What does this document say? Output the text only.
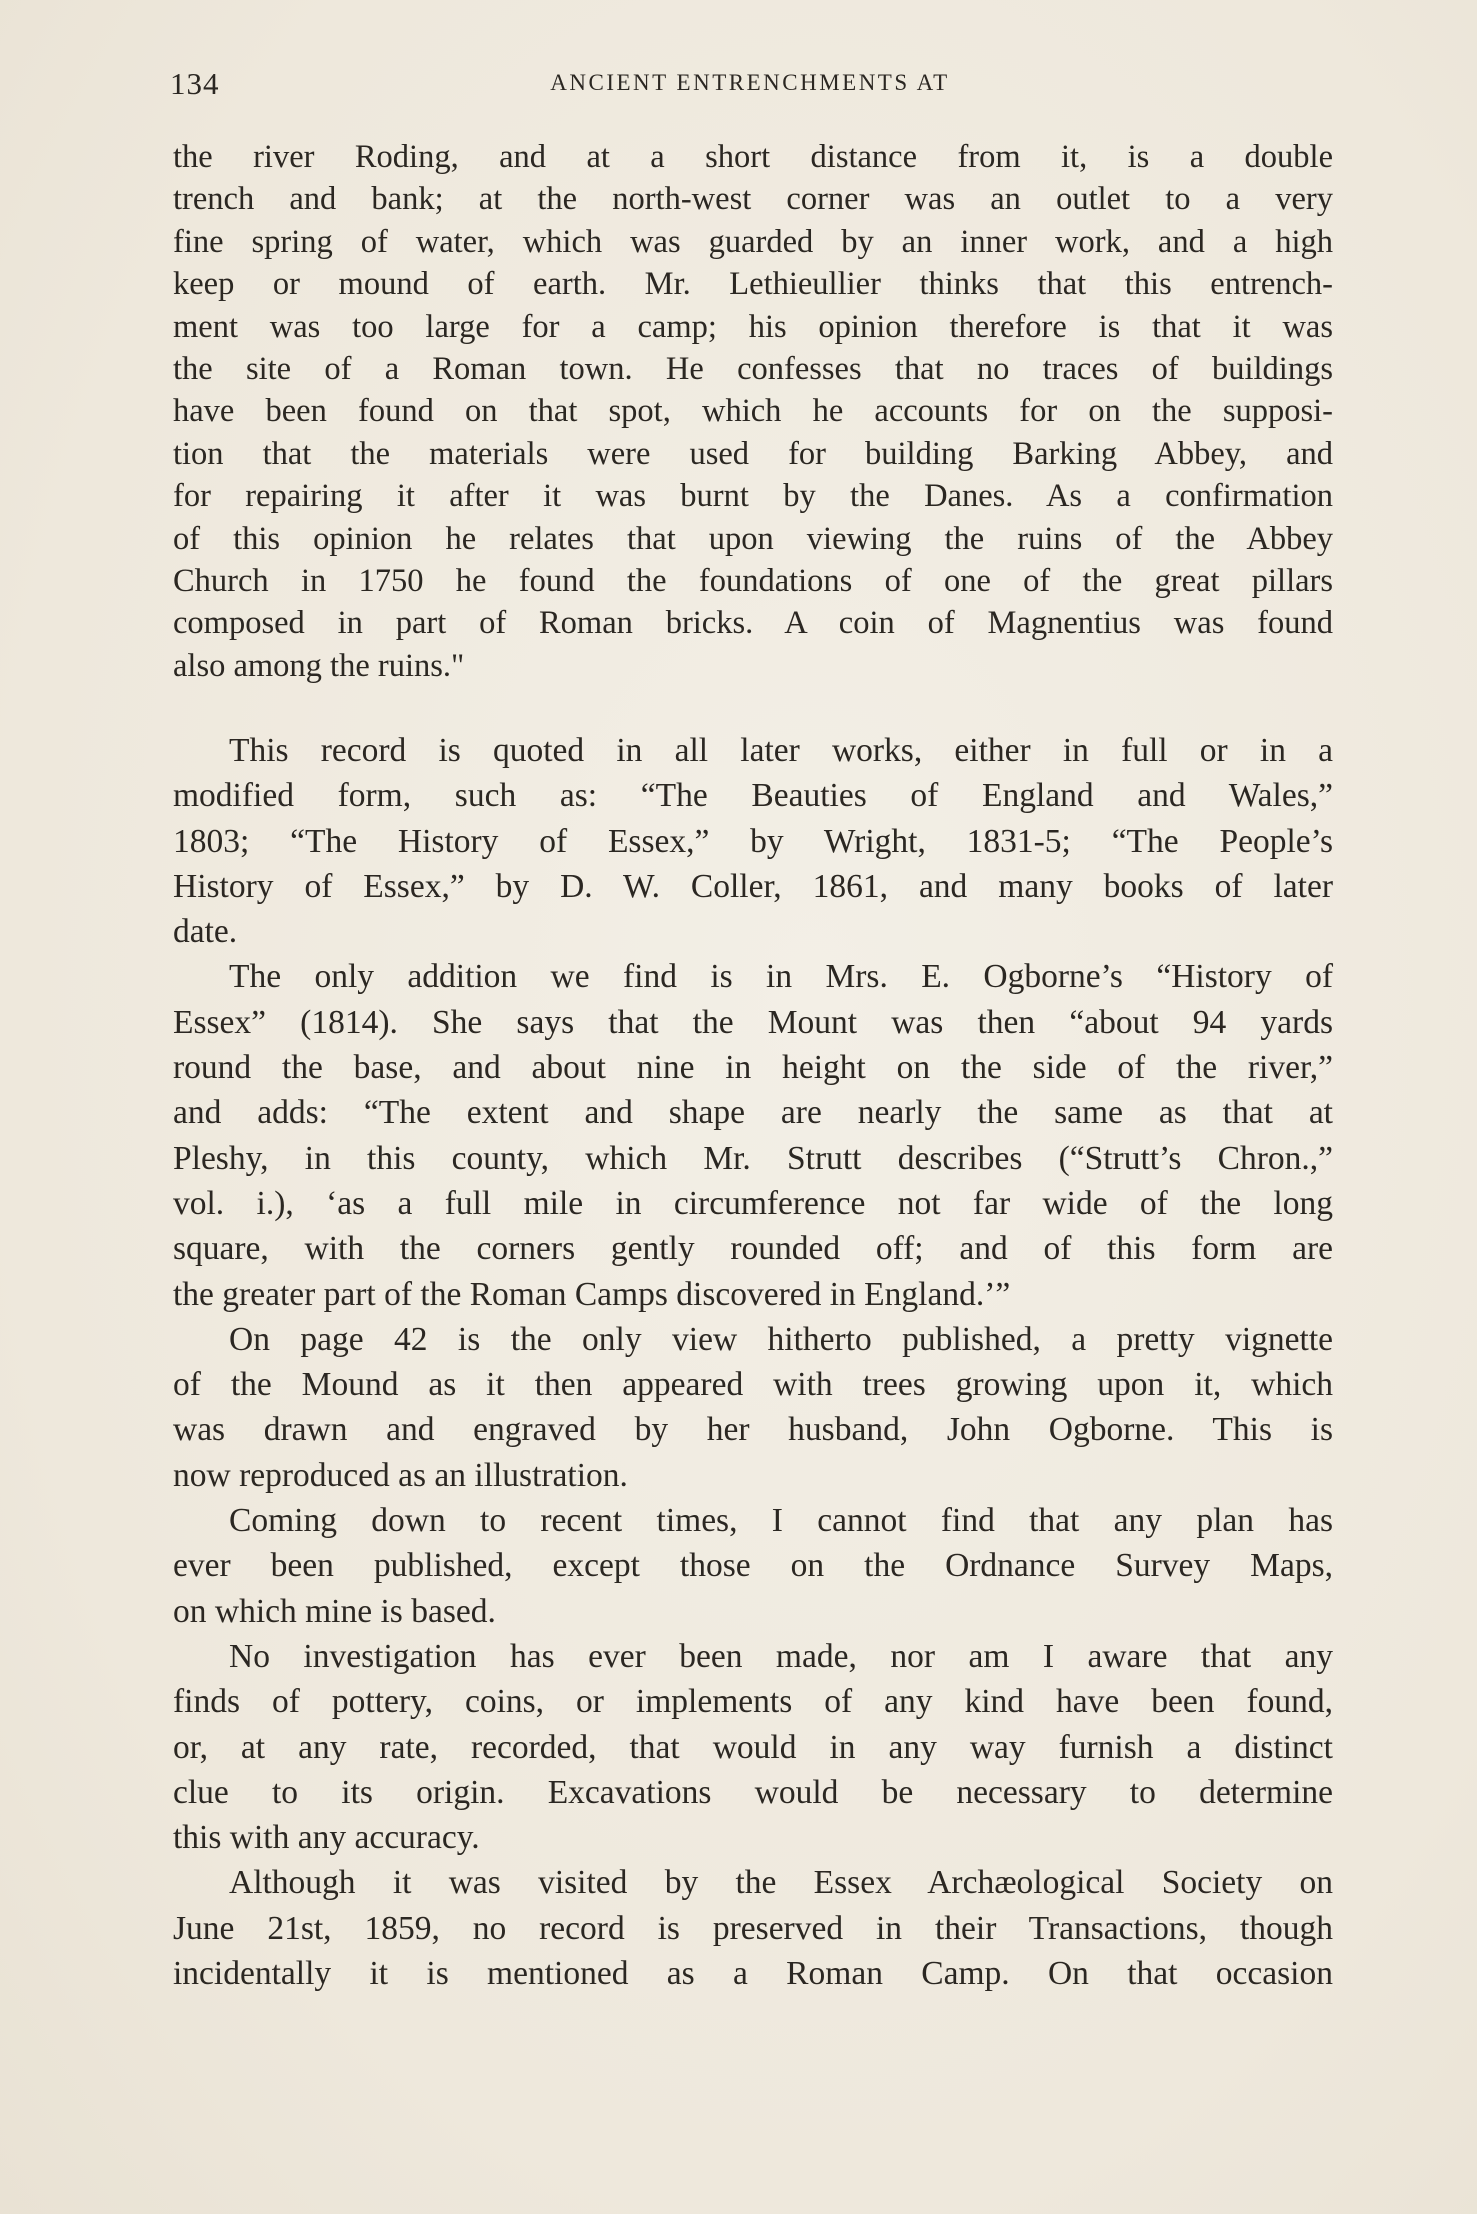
134	ANCIENT ENTRENCHMENTS AT
the river Roding, and at a short distance from it, is a double
trench and bank; at the north-west corner was an outlet to a very
fine spring of water, which was guarded by an inner work, and a high
keep or mound of earth. Mr. Lethieullier thinks that this entrench-
ment was too large for a camp; his opinion therefore is that it was
the site of a Roman town. He confesses that no traces of buildings
have been found on that spot, which he accounts for on the supposi-
tion that the materials were used for building Barking Abbey, and
for repairing it after it was burnt by the Danes. As a confirmation
of this opinion he relates that upon viewing the ruins of the Abbey
Church in 1750 he found the foundations of one of the great pillars
composed in part of Roman bricks. A coin of Magnentius was found
also among the ruins."

This record is quoted in all later works, either in full or in a
modified form, such as: “The Beauties of England and Wales,”
1803; “The History of Essex,” by Wright, 1831-5; “The People’s
History of Essex,” by D. W. Coller, 1861, and many books of later
date.

The only addition we find is in Mrs. E. Ogborne’s “History of
Essex” (1814). She says that the Mount was then “about 94 yards
round the base, and about nine in height on the side of the river,”
and adds: “The extent and shape are nearly the same as that at
Pleshy, in this county, which Mr. Strutt describes (“Strutt’s Chron.,”
vol. i.), ‘as a full mile in circumference not far wide of the long
square, with the corners gently rounded off; and of this form are
the greater part of the Roman Camps discovered in England.’”

On page 42 is the only view hitherto published, a pretty vignette
of the Mound as it then appeared with trees growing upon it, which
was drawn and engraved by her husband, John Ogborne. This is
now reproduced as an illustration.

Coming down to recent times, I cannot find that any plan has
ever been published, except those on the Ordnance Survey Maps,
on which mine is based.

No investigation has ever been made, nor am I aware that any
finds of pottery, coins, or implements of any kind have been found,
or, at any rate, recorded, that would in any way furnish a distinct
clue to its origin. Excavations would be necessary to determine
this with any accuracy.

Although it was visited by the Essex Archæological Society on
June 21st, 1859, no record is preserved in their Transactions, though
incidentally it is mentioned as a Roman Camp. On that occasion
